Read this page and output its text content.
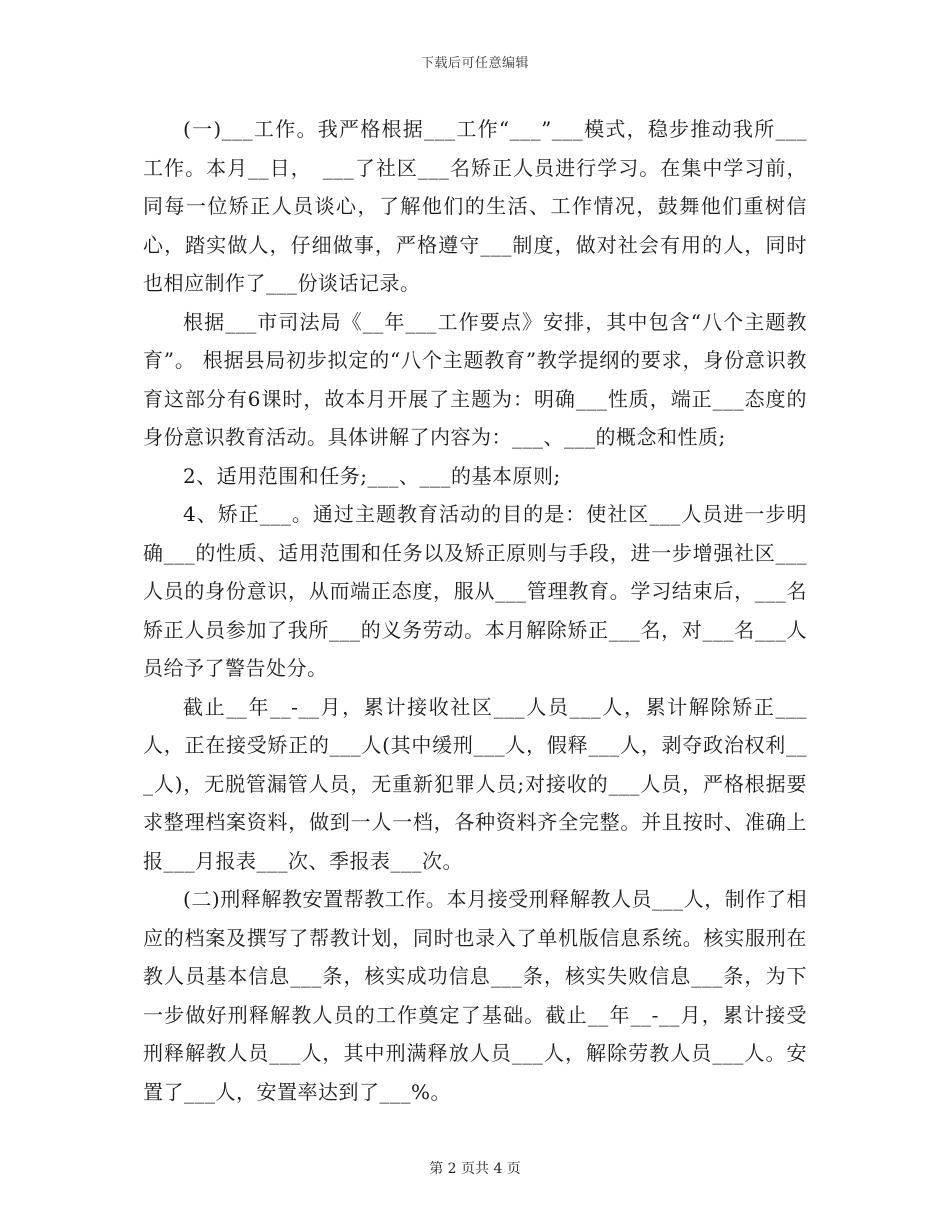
下载后可任意编辑

(一)___工作。我严格根据___工作“___”___模式，稳步推动我所___工作。本月__日，　___了社区___名矫正人员进行学习。在集中学习前，同每一位矫正人员谈心，了解他们的生活、工作情况，鼓舞他们重树信心，踏实做人，仔细做事，严格遵守___制度，做对社会有用的人，同时也相应制作了___份谈话记录。

根据___市司法局《__年___工作要点》安排，其中包含“八个主题教育”。 根据县局初步拟定的“八个主题教育”教学提纲的要求，身份意识教育这部分有6课时，故本月开展了主题为：明确___性质，端正___态度的身份意识教育活动。具体讲解了内容为：___、___的概念和性质;

2、适用范围和任务;___、___的基本原则;

4、矫正___。通过主题教育活动的目的是：使社区___人员进一步明确___的性质、适用范围和任务以及矫正原则与手段，进一步增强社区___人员的身份意识，从而端正态度，服从___管理教育。学习结束后，___名矫正人员参加了我所___的义务劳动。本月解除矫正___名，对___名___人员给予了警告处分。

截止__年__-__月，累计接收社区___人员___人，累计解除矫正___人，正在接受矫正的___人(其中缓刑___人，假释___人，剥夺政治权利___人)，无脱管漏管人员，无重新犯罪人员;对接收的___人员，严格根据要求整理档案资料，做到一人一档，各种资料齐全完整。并且按时、准确上报___月报表___次、季报表___次。

(二)刑释解教安置帮教工作。本月接受刑释解教人员___人，制作了相应的档案及撰写了帮教计划，同时也录入了单机版信息系统。核实服刑在教人员基本信息___条，核实成功信息___条，核实失败信息___条，为下一步做好刑释解教人员的工作奠定了基础。截止__年__-__月，累计接受刑释解教人员___人，其中刑满释放人员___人，解除劳教人员___人。安置了___人，安置率达到了___%。

第 2 页共 4 页
